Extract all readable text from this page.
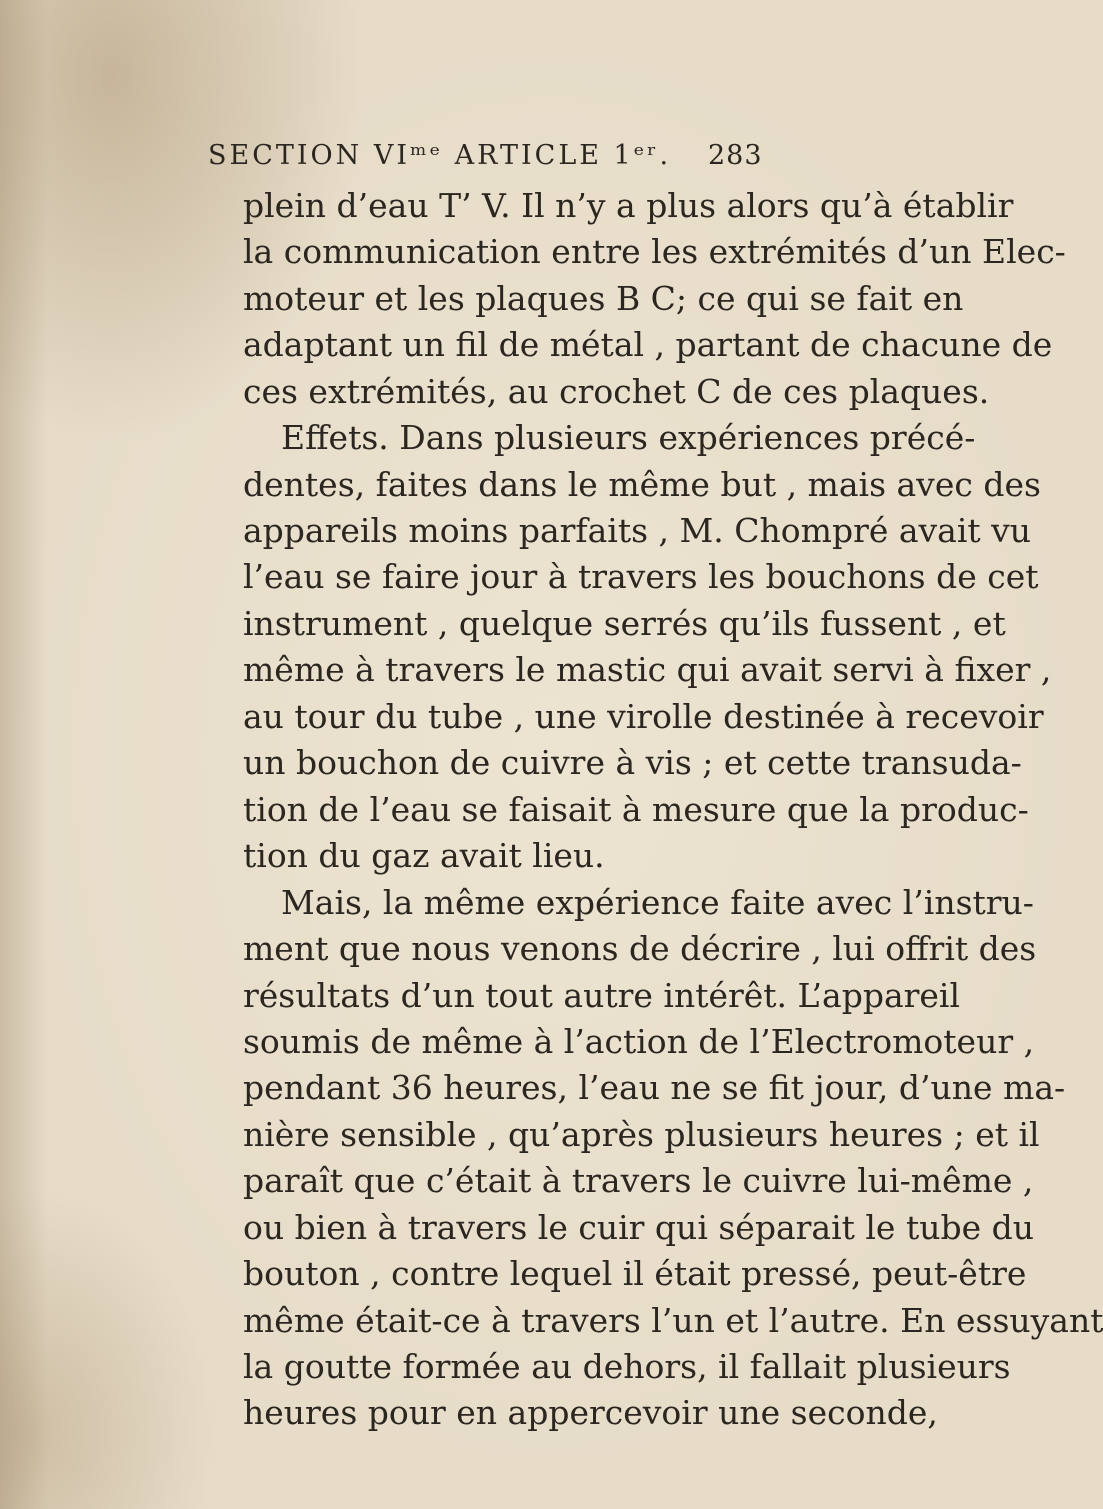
SECTION VIᵐᵉ ARTICLE 1ᵉʳ. 283
plein d’eau T’ V. Il n’y a plus alors qu’à établir
la communication entre les extrémités d’un Elec-
moteur et les plaques B C; ce qui se fait en
adaptant un fil de métal , partant de chacune de
ces extrémités, au crochet C de ces plaques.
Effets. Dans plusieurs expériences précé-
dentes, faites dans le même but , mais avec des
appareils moins parfaits , M. Chompré avait vu
l’eau se faire jour à travers les bouchons de cet
instrument , quelque serrés qu’ils fussent , et
même à travers le mastic qui avait servi à fixer ,
au tour du tube , une virolle destinée à recevoir
un bouchon de cuivre à vis ; et cette transuda-
tion de l’eau se faisait à mesure que la produc-
tion du gaz avait lieu.
Mais, la même expérience faite avec l’instru-
ment que nous venons de décrire , lui offrit des
résultats d’un tout autre intérêt. L’appareil
soumis de même à l’action de l’Electromoteur ,
pendant 36 heures, l’eau ne se fit jour, d’une ma-
nière sensible , qu’après plusieurs heures ; et il
paraît que c’était à travers le cuivre lui-même ,
ou bien à travers le cuir qui séparait le tube du
bouton , contre lequel il était pressé, peut-être
même était-ce à travers l’un et l’autre. En essuyant
la goutte formée au dehors, il fallait plusieurs
heures pour en appercevoir une seconde,
